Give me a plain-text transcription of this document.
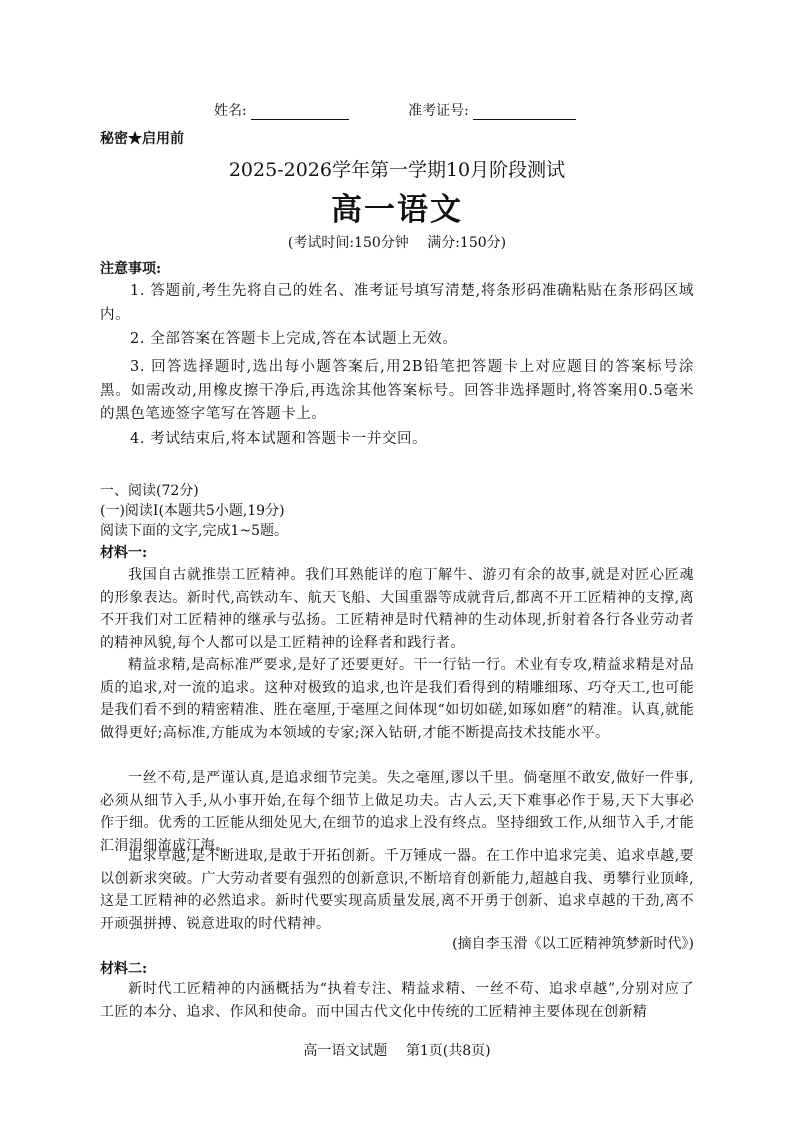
姓名:	准考证号:
秘密★启用前
2025-2026学年第一学期10月阶段测试
高一语文
(考试时间:150分钟　 满分:150分)
注意事项:

1. 答题前,考生先将自己的姓名、准考证号填写清楚,将条形码准确粘贴在条形码区域内。

2. 全部答案在答题卡上完成,答在本试题上无效。

3. 回答选择题时,选出每小题答案后,用2B铅笔把答题卡上对应题目的答案标号涂黑。如需改动,用橡皮擦干净后,再选涂其他答案标号。回答非选择题时,将答案用0.5毫米的黑色笔迹签字笔写在答题卡上。

4. 考试结束后,将本试题和答题卡一并交回。

一、阅读(72分)
(一)阅读Ⅰ(本题共5小题,19分)
阅读下面的文字,完成1~5题。
材料一:

我国自古就推崇工匠精神。我们耳熟能详的庖丁解牛、游刃有余的故事,就是对匠心匠魂的形象表达。新时代,高铁动车、航天飞船、大国重器等成就背后,都离不开工匠精神的支撑,离不开我们对工匠精神的继承与弘扬。工匠精神是时代精神的生动体现,折射着各行各业劳动者的精神风貌,每个人都可以是工匠精神的诠释者和践行者。

精益求精,是高标准严要求,是好了还要更好。干一行钻一行。术业有专攻,精益求精是对品质的追求,对一流的追求。这种对极致的追求,也许是我们看得到的精雕细琢、巧夺天工,也可能是我们看不到的精密精准、胜在毫厘,于毫厘之间体现“如切如磋,如琢如磨”的精准。认真,就能做得更好;高标准,方能成为本领域的专家;深入钻研,才能不断提高技术技能水平。

一丝不苟,是严谨认真,是追求细节完美。失之毫厘,谬以千里。倘毫厘不敢安,做好一件事,必须从细节入手,从小事开始,在每个细节上做足功夫。古人云,天下难事必作于易,天下大事必作于细。优秀的工匠能从细处见大,在细节的追求上没有终点。坚持细致工作,从细节入手,才能汇涓涓细流成江海。

追求卓越,是不断进取,是敢于开拓创新。千万锤成一器。在工作中追求完美、追求卓越,要以创新求突破。广大劳动者要有强烈的创新意识,不断培育创新能力,超越自我、勇攀行业顶峰,这是工匠精神的必然追求。新时代要实现高质量发展,离不开勇于创新、追求卓越的干劲,离不开顽强拼搏、锐意进取的时代精神。

(摘自李玉滑《以工匠精神筑梦新时代》)
材料二:

新时代工匠精神的内涵概括为“执着专注、精益求精、一丝不苟、追求卓越”,分别对应了工匠的本分、追求、作风和使命。而中国古代文化中传统的工匠精神主要体现在创新精

高一语文试题　 第1页(共8页)
